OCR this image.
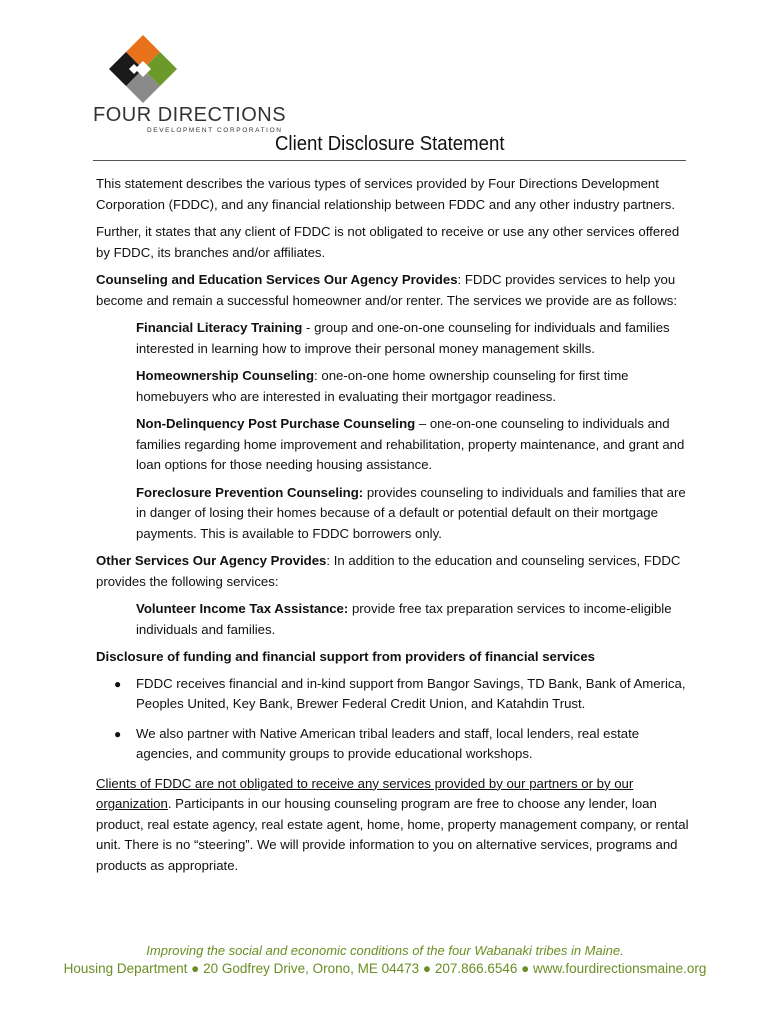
FOUR DIRECTIONS
DEVELOPMENT CORPORATION
Client Disclosure Statement

This statement describes the various types of services provided by Four Directions Development Corporation (FDDC), and any financial relationship between FDDC and any other industry partners.

Further, it states that any client of FDDC is not obligated to receive or use any other services offered by FDDC, its branches and/or affiliates.

Counseling and Education Services Our Agency Provides: FDDC provides services to help you become and remain a successful homeowner and/or renter. The services we provide are as follows:

Financial Literacy Training - group and one-on-one counseling for individuals and families interested in learning how to improve their personal money management skills.

Homeownership Counseling: one-on-one home ownership counseling for first time homebuyers who are interested in evaluating their mortgagor readiness.

Non-Delinquency Post Purchase Counseling – one-on-one counseling to individuals and families regarding home improvement and rehabilitation, property maintenance, and grant and loan options for those needing housing assistance.

Foreclosure Prevention Counseling: provides counseling to individuals and families that are in danger of losing their homes because of a default or potential default on their mortgage payments. This is available to FDDC borrowers only.

Other Services Our Agency Provides: In addition to the education and counseling services, FDDC provides the following services:

Volunteer Income Tax Assistance: provide free tax preparation services to income-eligible individuals and families.

Disclosure of funding and financial support from providers of financial services

● FDDC receives financial and in-kind support from Bangor Savings, TD Bank, Bank of America, Peoples United, Key Bank, Brewer Federal Credit Union, and Katahdin Trust.
● We also partner with Native American tribal leaders and staff, local lenders, real estate agencies, and community groups to provide educational workshops.

Clients of FDDC are not obligated to receive any services provided by our partners or by our organization. Participants in our housing counseling program are free to choose any lender, loan product, real estate agency, real estate agent, home, home, property management company, or rental unit. There is no “steering”. We will provide information to you on alternative services, programs and products as appropriate.

Improving the social and economic conditions of the four Wabanaki tribes in Maine.
Housing Department ● 20 Godfrey Drive, Orono, ME 04473 ● 207.866.6546 ● www.fourdirectionsmaine.org
